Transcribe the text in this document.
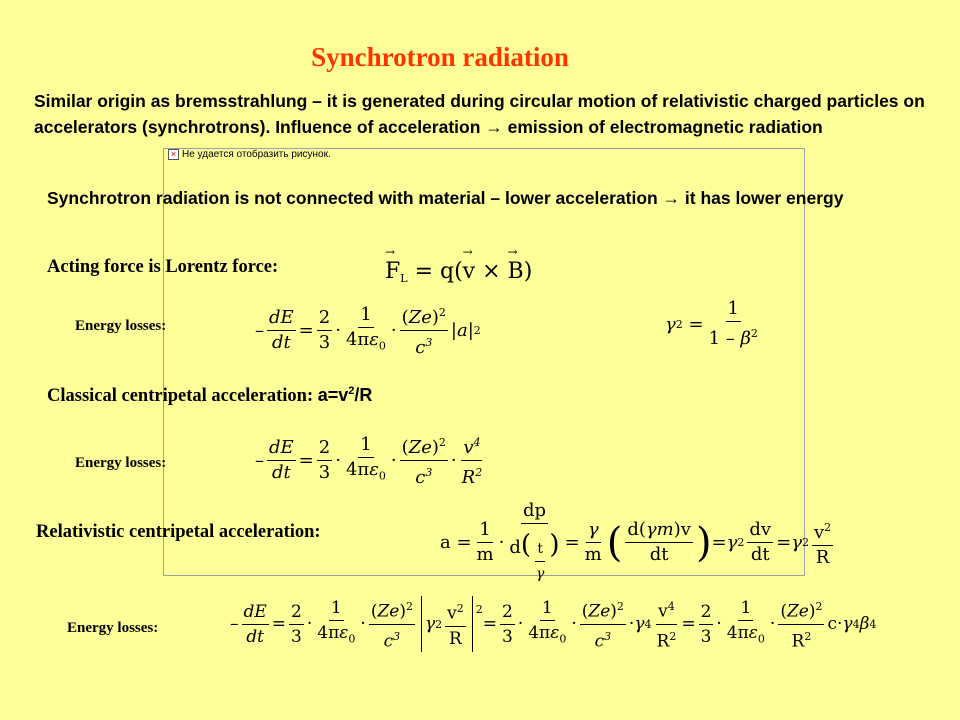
Synchrotron radiation
Similar origin as bremsstrahlung – it is generated during circular motion of relativistic charged particles on accelerators (synchrotrons). Influence of acceleration → emission of electromagnetic radiation
× Не удается отобразить рисунок.
Synchrotron radiation is not connected with material – lower acceleration → it has lower energy
Acting force is Lorentz force:
→	$F_L = q$(
→ v ×
→ B )
Energy losses:	–
dE
dt
=
2
3
·
1
$4\pi\varepsilon_0$
·
$(Ze)^2$
$c^3$
| a | 2	γ 2 =
1
$1 - \beta^2$
Classical centripetal acceleration: $a=v^2/R$
Energy losses:	–
dE
dt
=
2
3
·
1
$4\pi\varepsilon_0$
·
$(Ze)^2$
$c^3$
·
$v^4$
$R^2$
Relativistic centripetal acceleration:	a =
1
m
·
dp
$d( \frac{t}{\gamma}$ ) =
γ
m ( d(γm)v
dt ) = γ 2
dv
dt
= γ 2 $v^2$
R
Energy losses:	–
dE
dt
=
2
3
·
1
$4\pi\varepsilon_0$
·
$(Ze)^2$
$c^3$
γ 2
$v^2$
R
$^2$
=
2
3
·
1
$4\pi\varepsilon_0$
·
$(Ze)^2$
$c^3$
· γ 4
$v^4$
$R^2$
=
2
3
·
1
$4\pi\varepsilon_0$
·
$(Ze)^2$
$R^2$
c· γ 4 β 4
